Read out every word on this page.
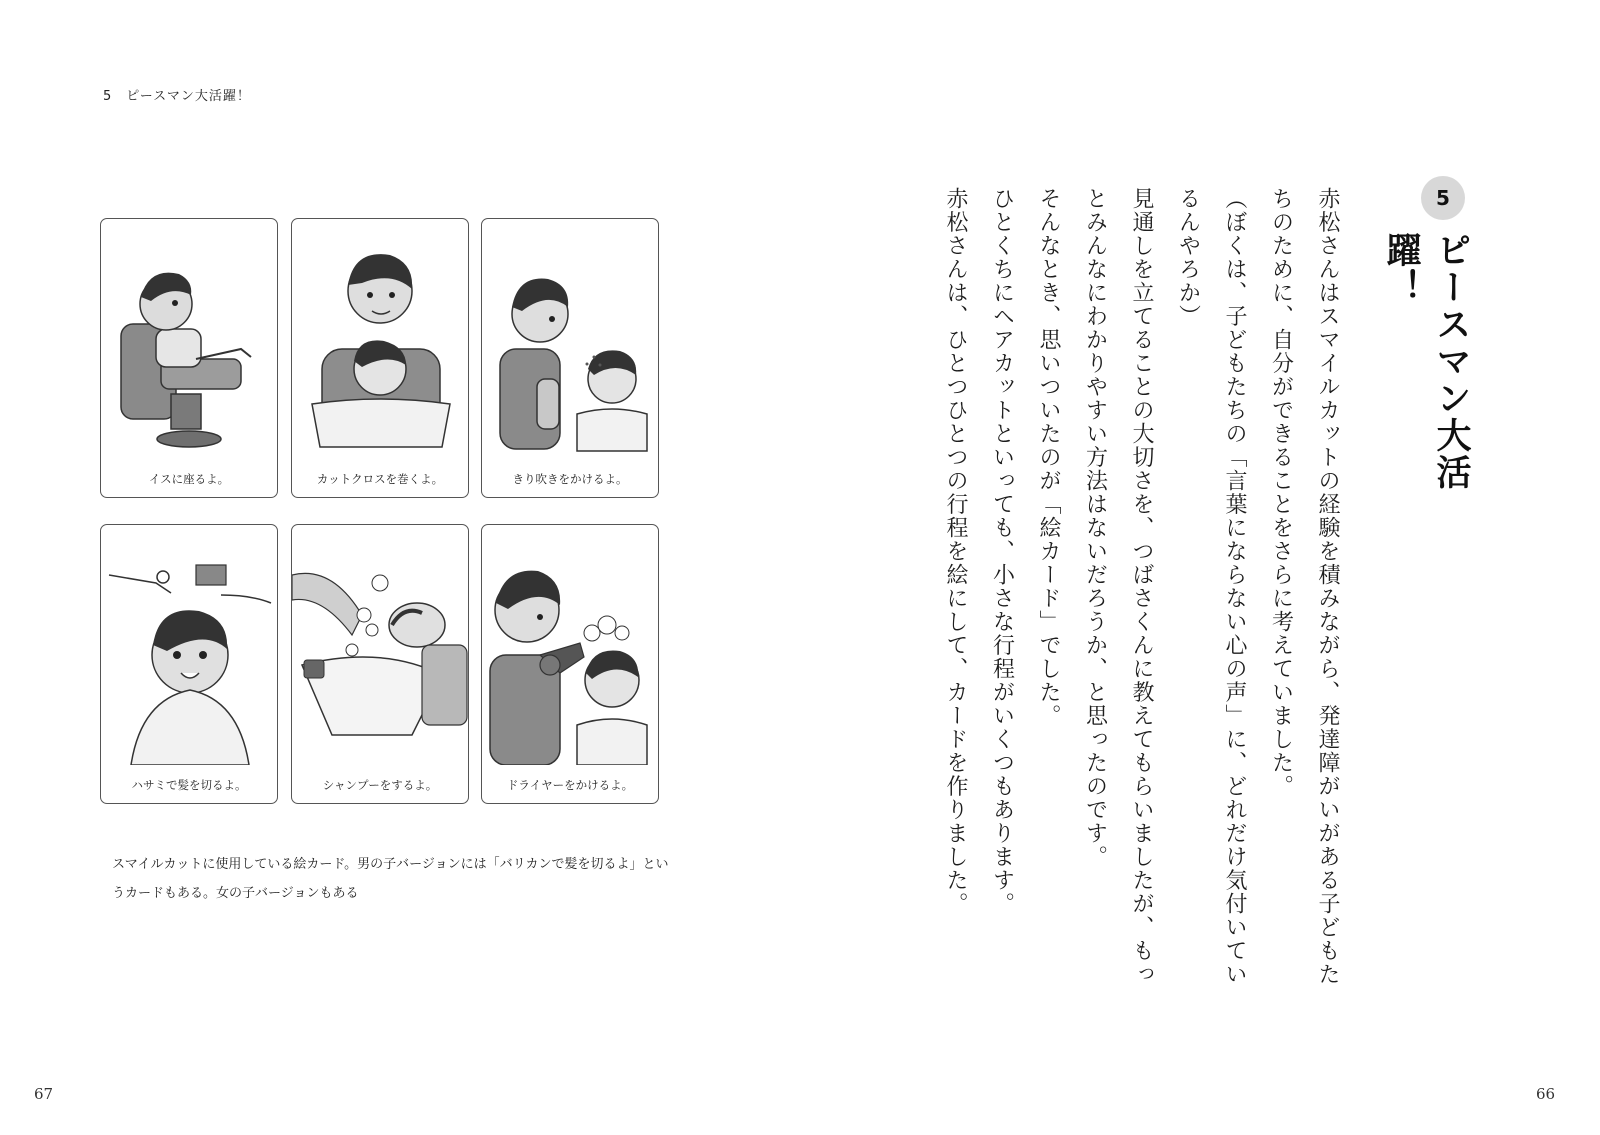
5　ピースマン大活躍！
イスに座るよ。	カットクロスを巻くよ。	きり吹きをかけるよ。
ハサミで髪を切るよ。	シャンプーをするよ。	ドライヤーをかけるよ。
スマイルカットに使用している絵カード。男の子バージョンには「バリカンで髪を切るよ」というカードもある。女の子バージョンもある
5
ピースマン大活躍！

赤松さんはスマイルカットの経験を積みながら、発達障がいがある子どもたちのために、自分ができることをさらに考えていました。

（ぼくは、子どもたちの「言葉にならない心の声」に、どれだけ気付いているんやろか）

見通しを立てることの大切さを、つばさくんに教えてもらいましたが、もっとみんなにわかりやすい方法はないだろうか、と思ったのです。

そんなとき、思いついたのが「絵カード」でした。

ひとくちにヘアカットといっても、小さな行程がいくつもあります。

赤松さんは、ひとつひとつの行程を絵にして、カードを作りました。

67	66
